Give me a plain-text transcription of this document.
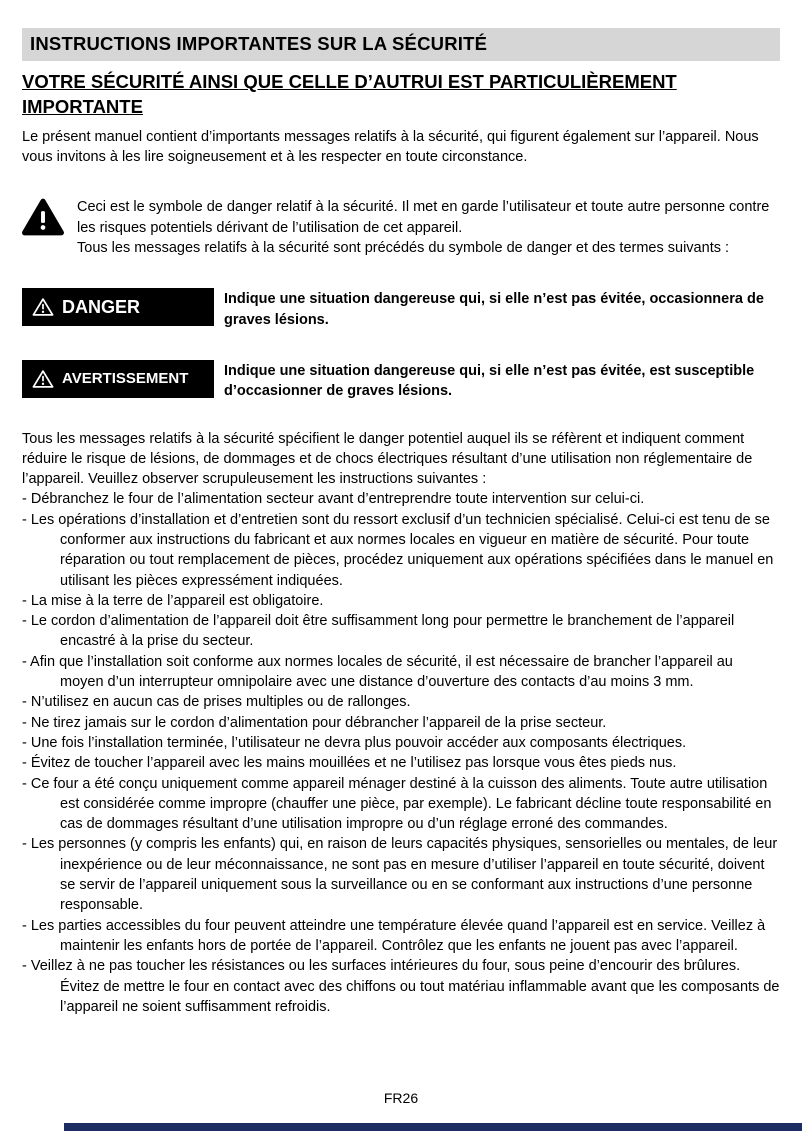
INSTRUCTIONS IMPORTANTES SUR LA SÉCURITÉ
VOTRE SÉCURITÉ AINSI QUE CELLE D’AUTRUI EST PARTICULIÈREMENT IMPORTANTE

Le présent manuel contient d’importants messages relatifs à la sécurité, qui figurent également sur l’appareil. Nous vous invitons à les lire soigneusement et à les respecter en toute circonstance.

Ceci est le symbole de danger relatif à la sécurité. Il met en garde l’utilisateur et toute autre personne contre les risques potentiels dérivant de l’utilisation de cet appareil.

Tous les messages relatifs à la sécurité sont précédés du symbole de danger et des termes suivants :

DANGER	Indique une situation dangereuse qui, si elle n’est pas évitée, occasionnera de graves lésions.

AVERTISSEMENT Indique une situation dangereuse qui, si elle n’est pas évitée, est susceptible d’occasionner de graves lésions.

Tous les messages relatifs à la sécurité spécifient le danger potentiel auquel ils se réfèrent et indiquent comment réduire le risque de lésions, de dommages et de chocs électriques résultant d’une utilisation non réglementaire de l’appareil. Veuillez observer scrupuleusement les instructions suivantes :

- Débranchez le four de l’alimentation secteur avant d’entreprendre toute intervention sur celui-ci.
- Les opérations d’installation et d’entretien sont du ressort exclusif d’un technicien spécialisé. Celui-ci est tenu de se conformer aux instructions du fabricant et aux normes locales en vigueur en matière de sécurité. Pour toute réparation ou tout remplacement de pièces, procédez uniquement aux opérations spécifiées dans le manuel en utilisant les pièces expressément indiquées.
- La mise à la terre de l’appareil est obligatoire.
- Le cordon d’alimentation de l’appareil doit être suffisamment long pour permettre le branchement de l’appareil encastré à la prise du secteur.
- Afin que l’installation soit conforme aux normes locales de sécurité, il est nécessaire de brancher l’appareil au moyen d’un interrupteur omnipolaire avec une distance d’ouverture des contacts d’au moins 3 mm.
- N’utilisez en aucun cas de prises multiples ou de rallonges.
- Ne tirez jamais sur le cordon d’alimentation pour débrancher l’appareil de la prise secteur.
- Une fois l’installation terminée, l’utilisateur ne devra plus pouvoir accéder aux composants électriques.
- Évitez de toucher l’appareil avec les mains mouillées et ne l’utilisez pas lorsque vous êtes pieds nus.
- Ce four a été conçu uniquement comme appareil ménager destiné à la cuisson des aliments. Toute autre utilisation est considérée comme impropre (chauffer une pièce, par exemple). Le fabricant décline toute responsabilité en cas de dommages résultant d’une utilisation impropre ou d’un réglage erroné des commandes.
- Les personnes (y compris les enfants) qui, en raison de leurs capacités physiques, sensorielles ou mentales, de leur inexpérience ou de leur méconnaissance, ne sont pas en mesure d’utiliser l’appareil en toute sécurité, doivent se servir de l’appareil uniquement sous la surveillance ou en se conformant aux instructions d’une personne responsable.
- Les parties accessibles du four peuvent atteindre une température élevée quand l’appareil est en service. Veillez à maintenir les enfants hors de portée de l’appareil. Contrôlez que les enfants ne jouent pas avec l’appareil.
- Veillez à ne pas toucher les résistances ou les surfaces intérieures du four, sous peine d’encourir des brûlures. Évitez de mettre le four en contact avec des chiffons ou tout matériau inflammable avant que les composants de l’appareil ne soient suffisamment refroidis.
FR26
